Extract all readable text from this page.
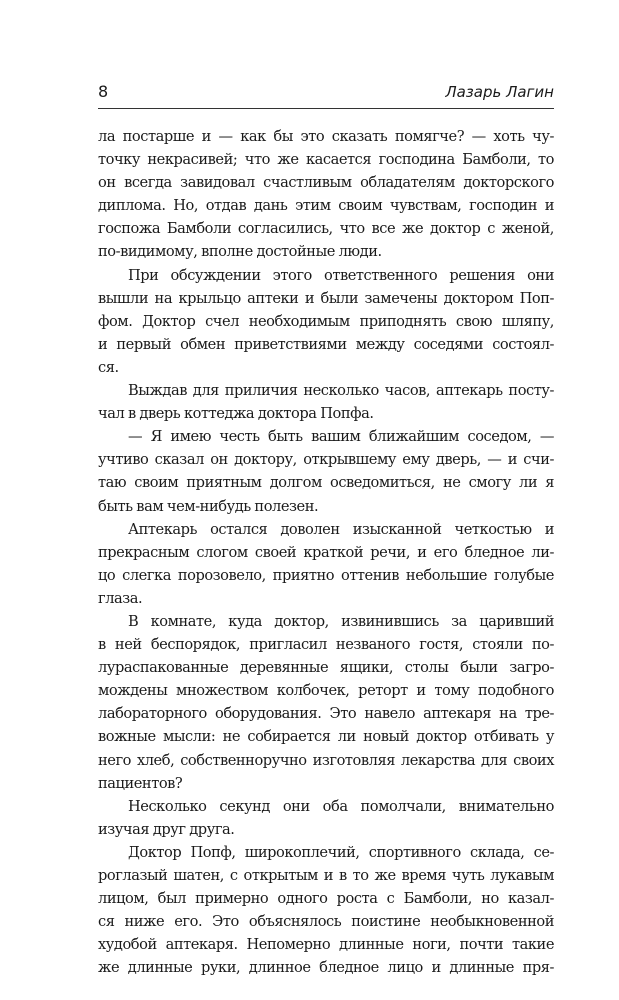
8	Лазарь Лагин

ла постарше и — как бы это сказать помягче? — хоть чу-
точку некрасивей; что же касается господина Бамболи, то
он всегда завидовал счастливым обладателям докторского
диплома. Но, отдав дань этим своим чувствам, господин и
госпожа Бамболи согласились, что все же доктор с женой,
по-видимому, вполне достойные люди.
При обсуждении этого ответственного решения они
вышли на крыльцо аптеки и были замечены доктором Поп-
фом. Доктор счел необходимым приподнять свою шляпу,
и первый обмен приветствиями между соседями состоял-
ся.
Выждав для приличия несколько часов, аптекарь посту-
чал в дверь коттеджа доктора Попфа.
— Я имею честь быть вашим ближайшим соседом, —
учтиво сказал он доктору, открывшему ему дверь, — и счи-
таю своим приятным долгом осведомиться, не смогу ли я
быть вам чем-нибудь полезен.
Аптекарь остался доволен изысканной четкостью и
прекрасным слогом своей краткой речи, и его бледное ли-
цо слегка порозовело, приятно оттенив небольшие голубые
глаза.
В комнате, куда доктор, извинившись за царивший
в ней беспорядок, пригласил незваного гостя, стояли по-
лураспакованные деревянные ящики, столы были загро-
мождены множеством колбочек, реторт и тому подобного
лабораторного оборудования. Это навело аптекаря на тре-
вожные мысли: не собирается ли новый доктор отбивать у
него хлеб, собственноручно изготовляя лекарства для своих
пациентов?
Несколько секунд они оба помолчали, внимательно
изучая друг друга.
Доктор Попф, широкоплечий, спортивного склада, се-
роглазый шатен, с открытым и в то же время чуть лукавым
лицом, был примерно одного роста с Бамболи, но казал-
ся ниже его. Это объяснялось поистине необыкновенной
худобой аптекаря. Непомерно длинные ноги, почти такие
же длинные руки, длинное бледное лицо и длинные пря-
